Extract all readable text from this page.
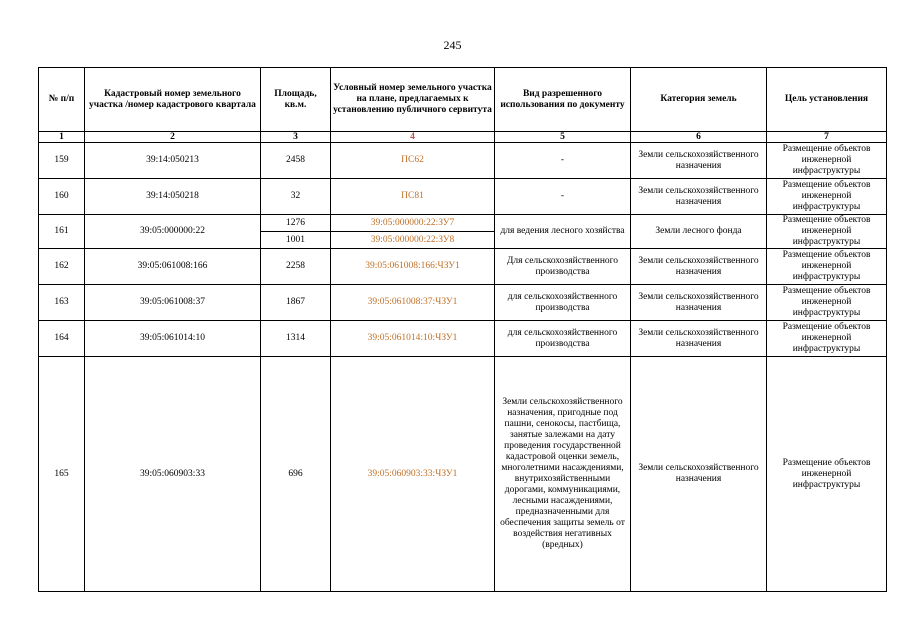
245
№ п/п	Кадастровый номер земельного участка /номер кадастрового квартала	Площадь, кв.м.	Условный номер земельного участка на плане, предлагаемых к установлению публичного сервитута	Вид разрешенного использования по документу	Категория земель	Цель установления
1	2	3	4	5	6	7
159	39:14:050213	2458	ПС62	-	Земли сельскохозяйственного назначения	Размещение объектов инженерной инфраструктуры
160	39:14:050218	32	ПС81	-	Земли сельскохозяйственного назначения	Размещение объектов инженерной инфраструктуры
161	39:05:000000:22	1276	39:05:000000:22:ЗУ7	для ведения лесного хозяйства	Земли лесного фонда	Размещение объектов инженерной инфраструктуры
		1001	39:05:000000:22:ЗУ8			
162	39:05:061008:166	2258	39:05:061008:166:ЧЗУ1	Для сельскохозяйственного производства	Земли сельскохозяйственного назначения	Размещение объектов инженерной инфраструктуры
163	39:05:061008:37	1867	39:05:061008:37:ЧЗУ1	для сельскохозяйственного производства	Земли сельскохозяйственного назначения	Размещение объектов инженерной инфраструктуры
164	39:05:061014:10	1314	39:05:061014:10:ЧЗУ1	для сельскохозяйственного производства	Земли сельскохозяйственного назначения	Размещение объектов инженерной инфраструктуры
165	39:05:060903:33	696	39:05:060903:33:ЧЗУ1	Земли сельскохозяйственного назначения, пригодные под пашни, сенокосы, пастбища, занятые залежами на дату проведения государственной кадастровой оценки земель, многолетними насаждениями, внутрихозяйственными дорогами, коммуникациями, лесными насаждениями, предназначенными для обеспечения защиты земель от воздействия негативных (вредных)	Земли сельскохозяйственного назначения	Размещение объектов инженерной инфраструктуры
